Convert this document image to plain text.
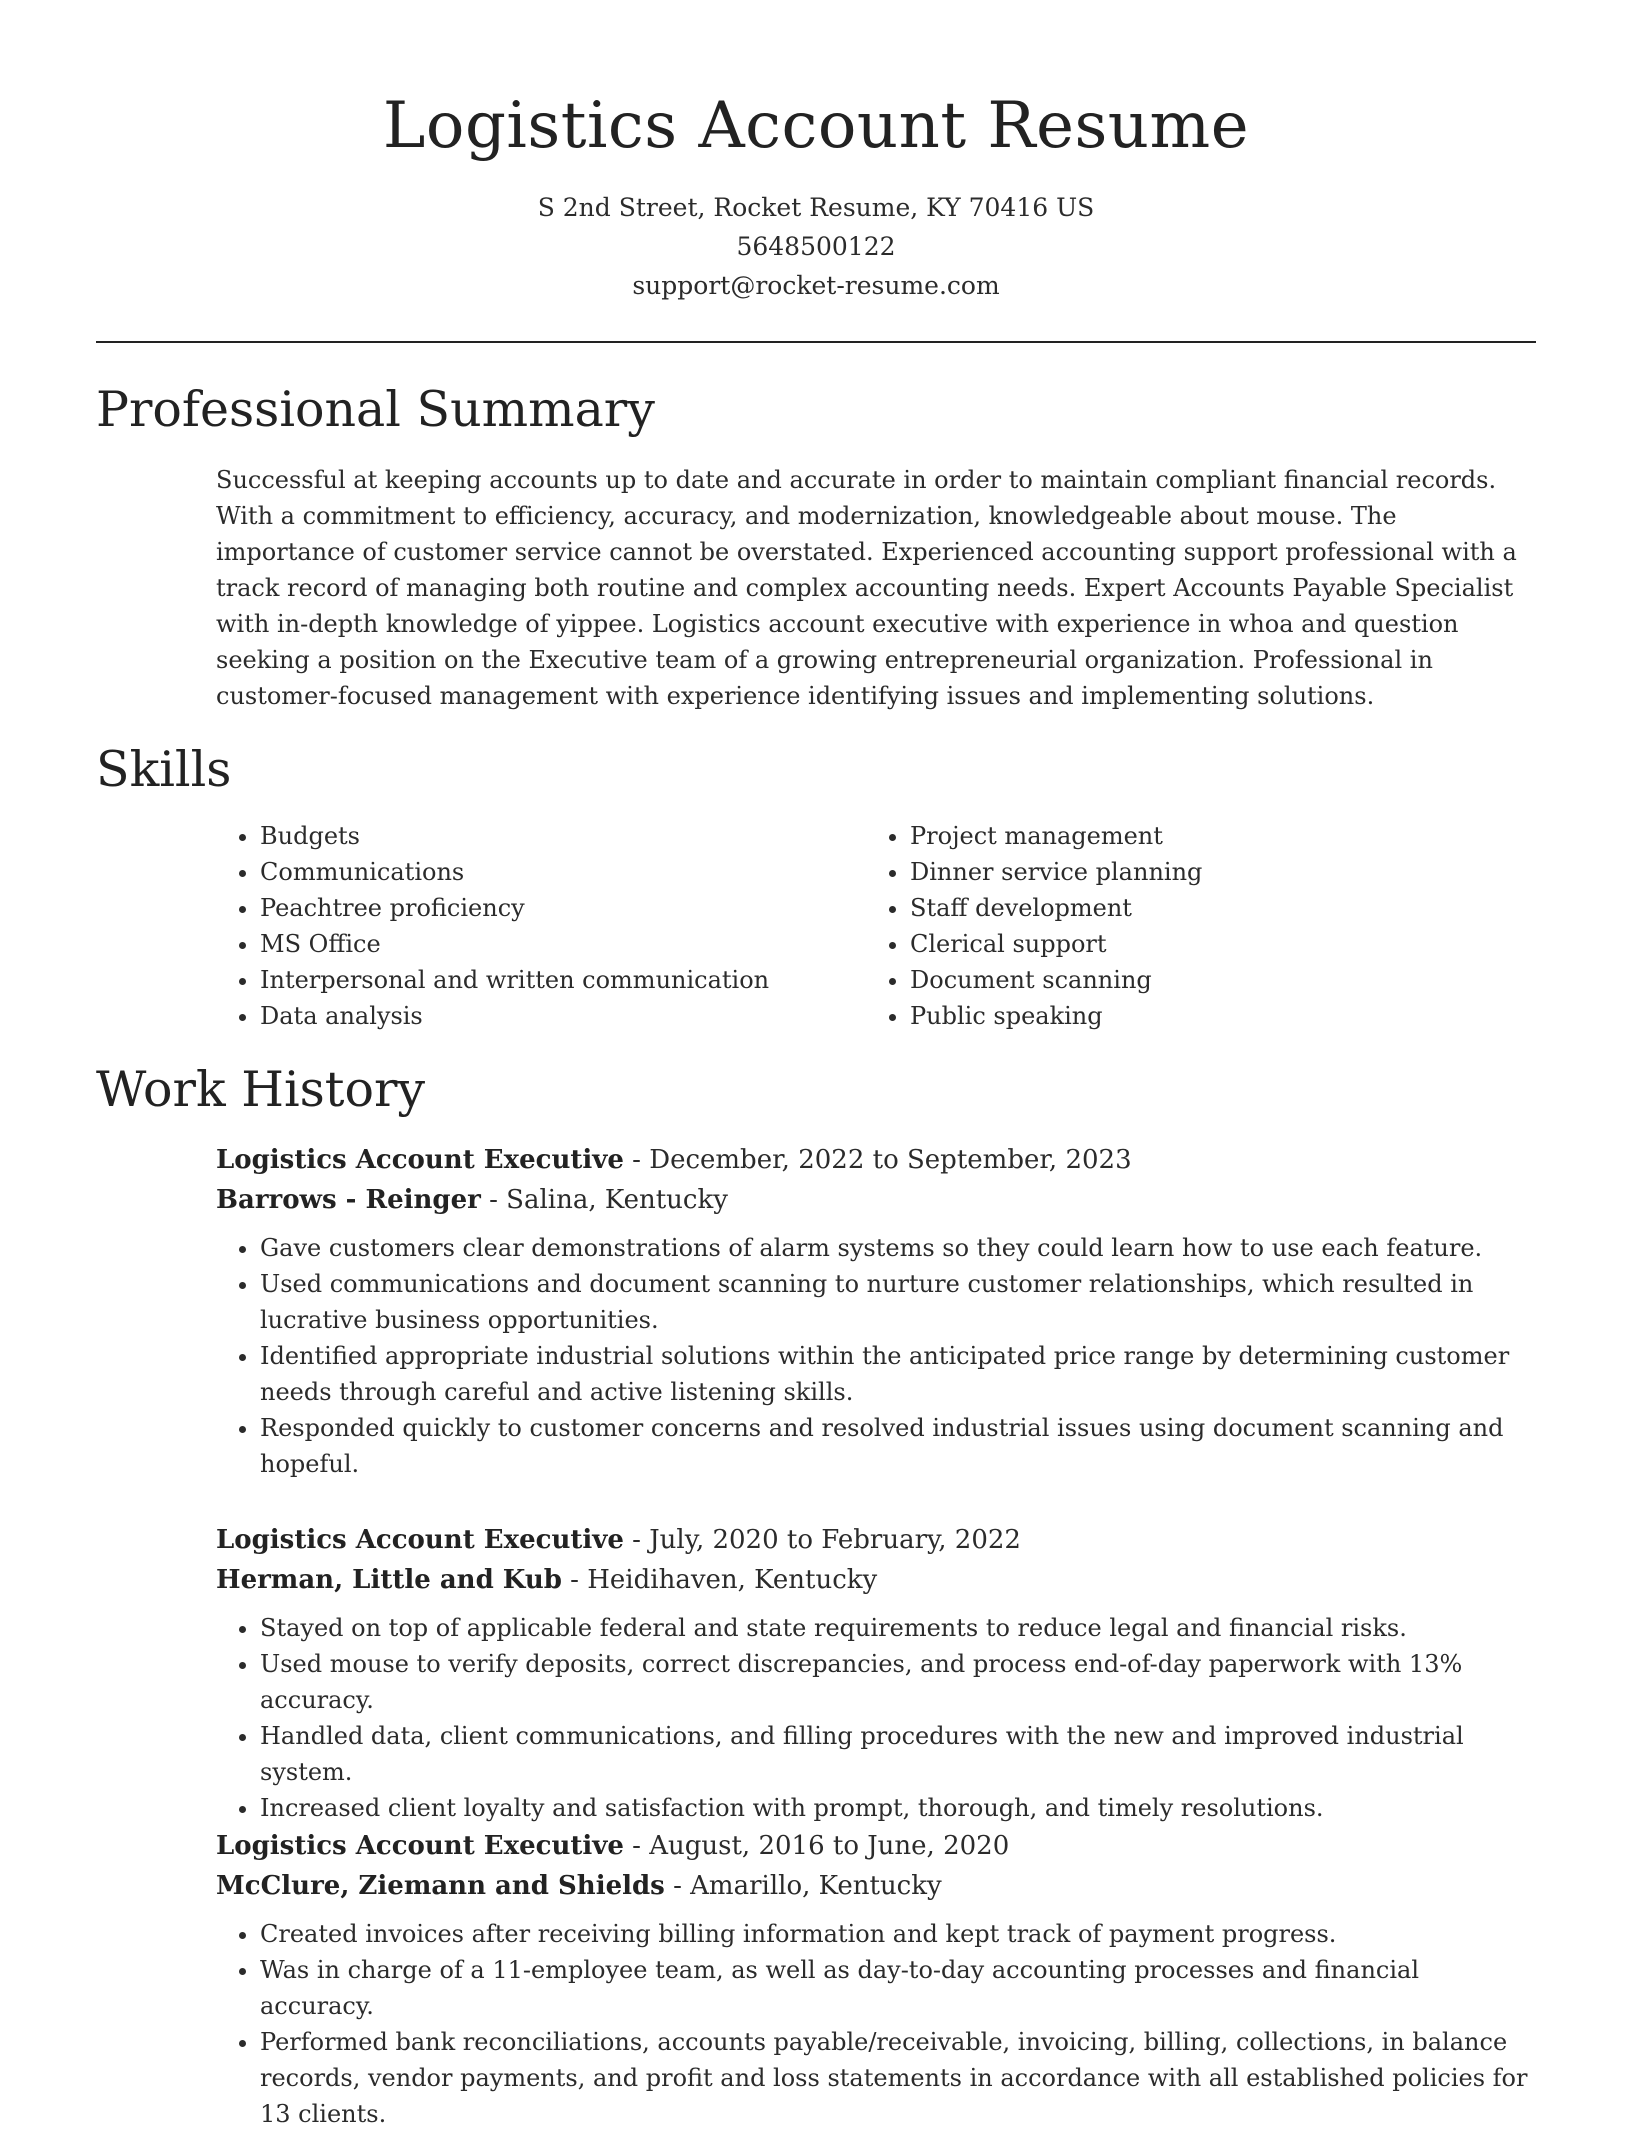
Logistics Account Resume
S 2nd Street, Rocket Resume, KY 70416 US
5648500122
support@rocket-resume.com
Professional Summary

Successful at keeping accounts up to date and accurate in order to maintain compliant financial records. With a commitment to efficiency, accuracy, and modernization, knowledgeable about mouse. The importance of customer service cannot be overstated. Experienced accounting support professional with a track record of managing both routine and complex accounting needs. Expert Accounts Payable Specialist with in-depth knowledge of yippee. Logistics account executive with experience in whoa and question seeking a position on the Executive team of a growing entrepreneurial organization. Professional in customer-focused management with experience identifying issues and implementing solutions.

Skills
• Budgets
• Communications
• Peachtree proficiency
• MS Office
• Interpersonal and written communication
• Data analysis
• Project management
• Dinner service planning
• Staff development
• Clerical support
• Document scanning
• Public speaking
Work History
Logistics Account Executive - December, 2022 to September, 2023
Barrows - Reinger - Salina, Kentucky
• Gave customers clear demonstrations of alarm systems so they could learn how to use each feature.
• Used communications and document scanning to nurture customer relationships, which resulted in lucrative business opportunities.
• Identified appropriate industrial solutions within the anticipated price range by determining customer needs through careful and active listening skills.
• Responded quickly to customer concerns and resolved industrial issues using document scanning and hopeful.
Logistics Account Executive - July, 2020 to February, 2022
Herman, Little and Kub - Heidihaven, Kentucky
• Stayed on top of applicable federal and state requirements to reduce legal and financial risks.
• Used mouse to verify deposits, correct discrepancies, and process end-of-day paperwork with 13% accuracy.
• Handled data, client communications, and filling procedures with the new and improved industrial system.
• Increased client loyalty and satisfaction with prompt, thorough, and timely resolutions.
Logistics Account Executive - August, 2016 to June, 2020
McClure, Ziemann and Shields - Amarillo, Kentucky
• Created invoices after receiving billing information and kept track of payment progress.
• Was in charge of a 11-employee team, as well as day-to-day accounting processes and financial accuracy.
• Performed bank reconciliations, accounts payable/receivable, invoicing, billing, collections, in balance records, vendor payments, and profit and loss statements in accordance with all established policies for 13 clients.
